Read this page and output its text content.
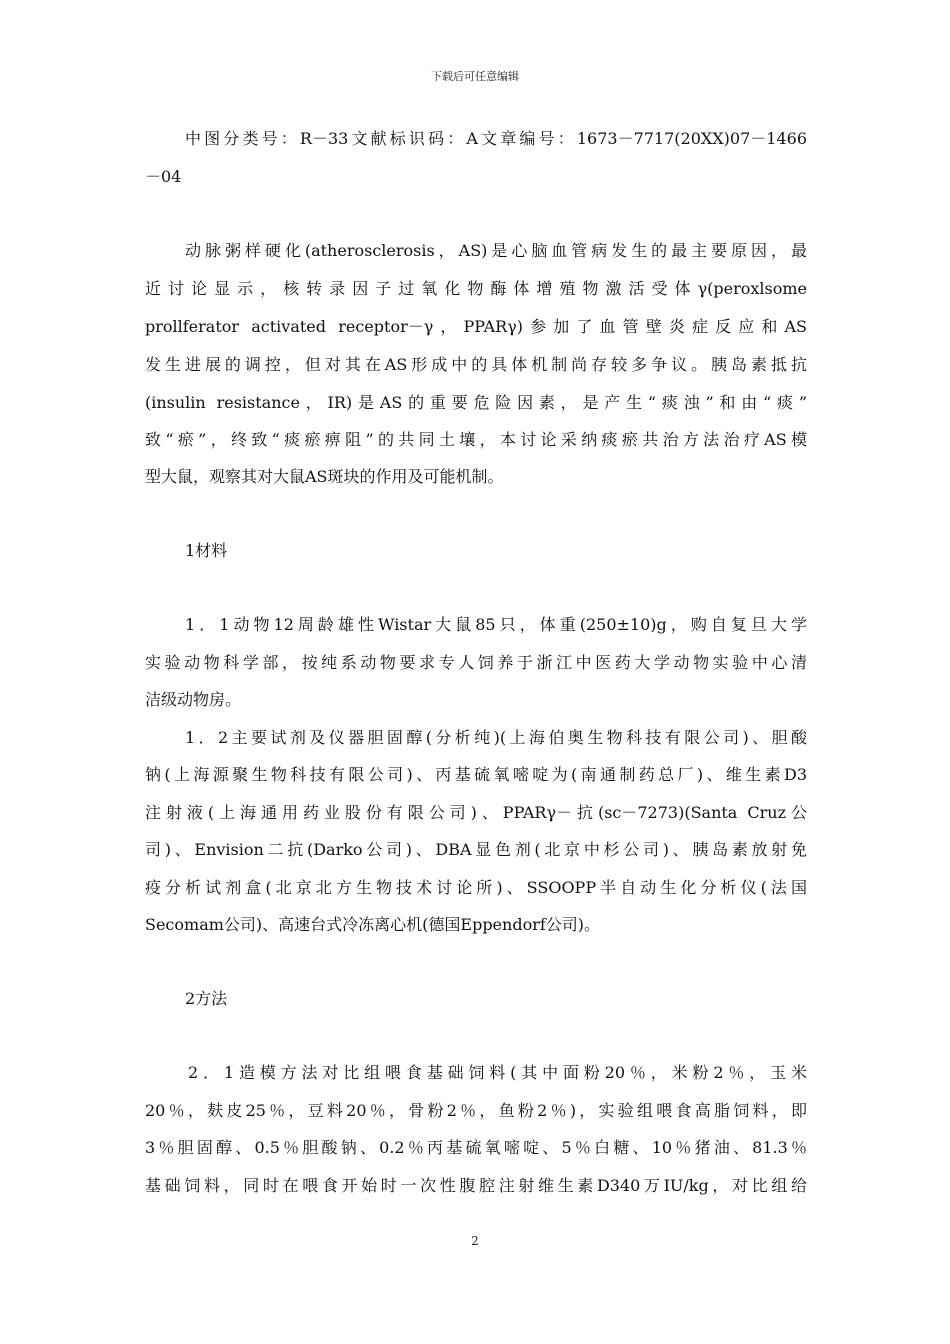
下载后可任意编辑
中图分类号：R－33文献标识码：A文章编号：1673－7717(20XX)07－1466
－04
动脉粥样硬化(atherosclerosis，AS)是心脑血管病发生的最主要原因，最
近讨论显示，核转录因子过氧化物酶体增殖物激活受体γ(peroxlsome
prollferator activated receptor－γ，PPARγ)参加了血管壁炎症反应和AS
发生进展的调控，但对其在AS形成中的具体机制尚存较多争议。胰岛素抵抗
(insulin resistance，IR)是AS的重要危险因素，是产生“痰浊”和由“痰”
致“瘀”，终致“痰瘀痹阻”的共同土壤，本讨论采纳痰瘀共治方法治疗AS模
型大鼠，观察其对大鼠AS斑块的作用及可能机制。
1材料
1．1动物12周龄雄性Wistar大鼠85只，体重(250±10)g，购自复旦大学
实验动物科学部，按纯系动物要求专人饲养于浙江中医药大学动物实验中心清
洁级动物房。
1．2主要试剂及仪器胆固醇(分析纯)(上海伯奥生物科技有限公司)、胆酸
钠(上海源聚生物科技有限公司)、丙基硫氧嘧啶为(南通制药总厂)、维生素D3
注射液(上海通用药业股份有限公司)、PPARγ－抗(sc－7273)(Santa Cruz公
司)、Envision二抗(Darko公司)、DBA显色剂(北京中杉公司)、胰岛素放射免
疫分析试剂盒(北京北方生物技术讨论所)、SSOOPP半自动生化分析仪(法国
Secomam公司)、高速台式冷冻离心机(德国Eppendorf公司)。
2方法
2．1造模方法对比组喂食基础饲料(其中面粉20％，米粉2％，玉米
20％，麸皮25％，豆料20％，骨粉2％，鱼粉2％)，实验组喂食高脂饲料，即
3％胆固醇、0.5％胆酸钠、0.2％丙基硫氧嘧啶、5％白糖、10％猪油、81.3％
基础饲料，同时在喂食开始时一次性腹腔注射维生素D340万IU/kg，对比组给
2
